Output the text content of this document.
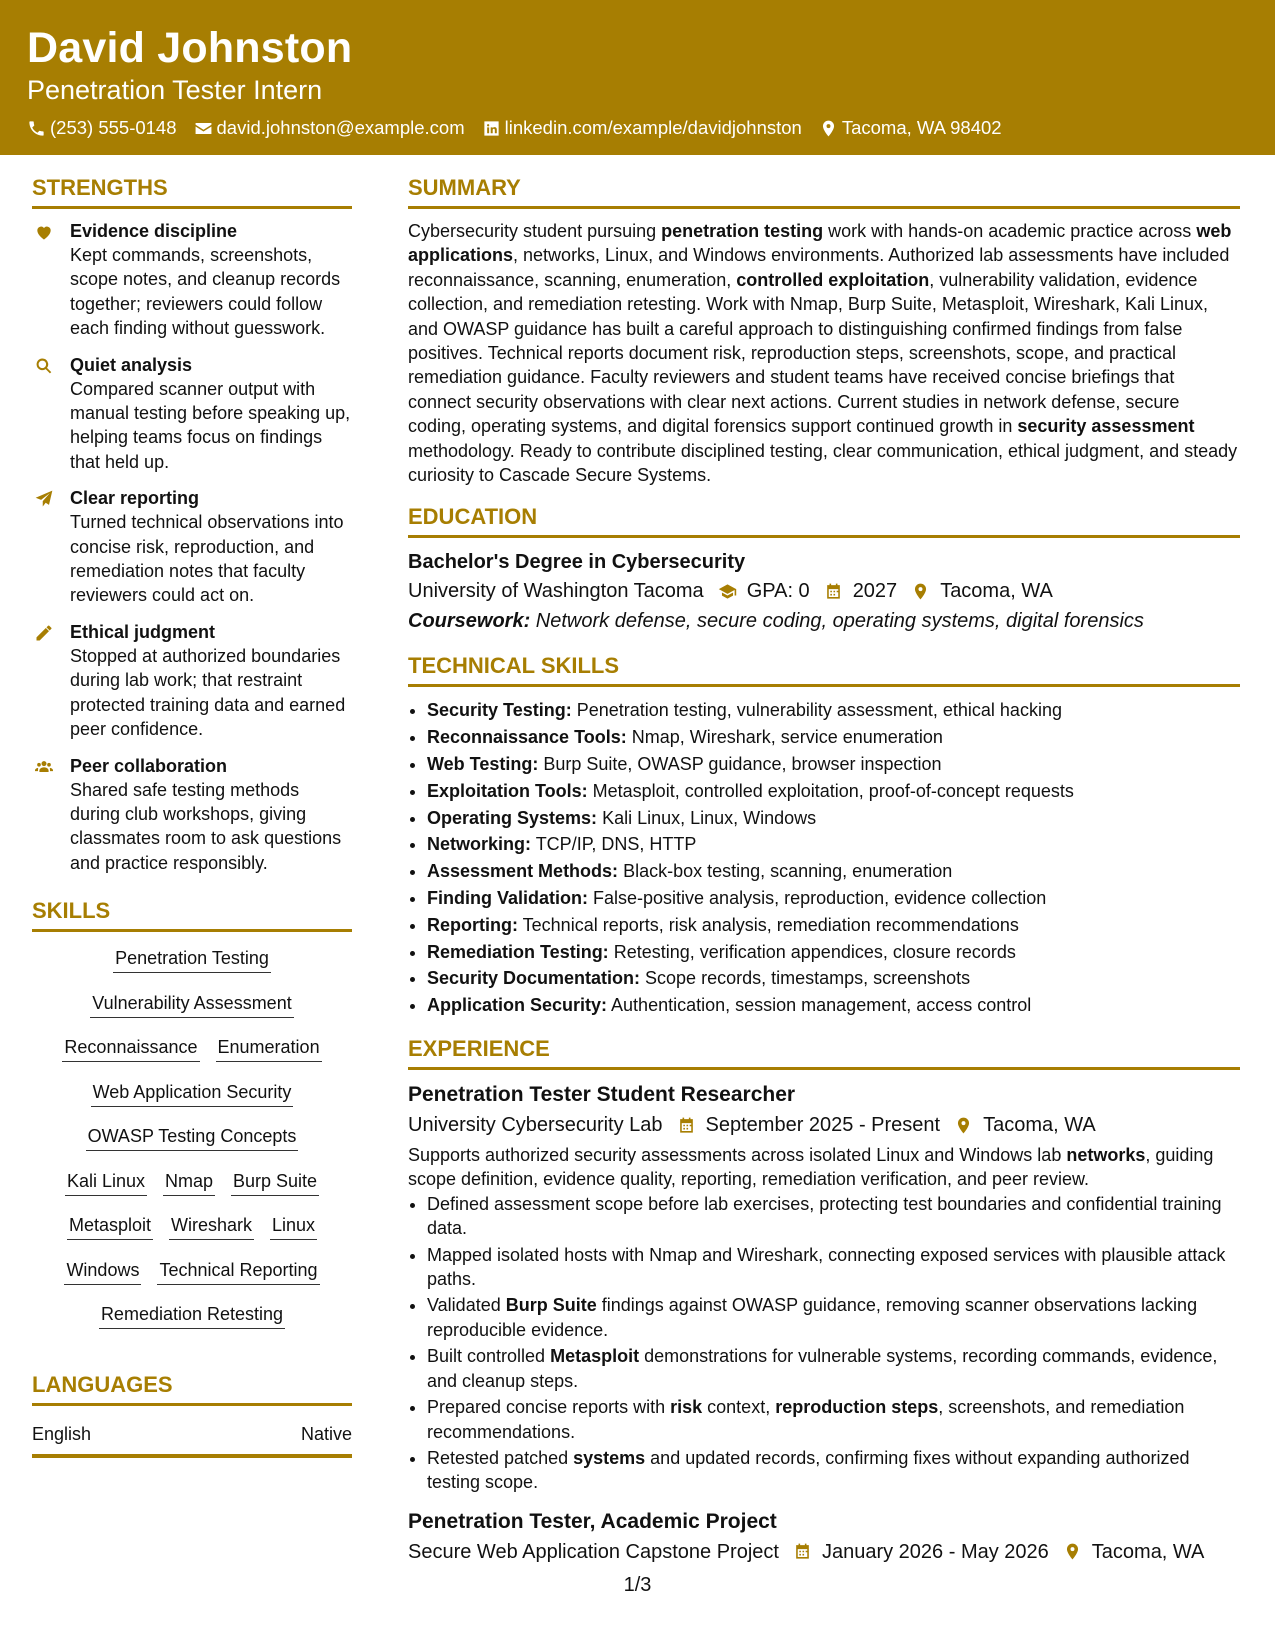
David Johnston
Penetration Tester Intern
(253) 555-0148 david.johnston@example.com linkedin.com/example/davidjohnston Tacoma, WA 98402
STRENGTHS
Evidence discipline
Kept commands, screenshots, scope notes, and cleanup records together; reviewers could follow each finding without guesswork.
Quiet analysis
Compared scanner output with manual testing before speaking up, helping teams focus on findings that held up.
Clear reporting
Turned technical observations into concise risk, reproduction, and remediation notes that faculty reviewers could act on.
Ethical judgment
Stopped at authorized boundaries during lab work; that restraint protected training data and earned peer confidence.
Peer collaboration
Shared safe testing methods during club workshops, giving classmates room to ask questions and practice responsibly.
SKILLS
Penetration Testing
Vulnerability Assessment
Reconnaissance Enumeration
Web Application Security
OWASP Testing Concepts
Kali Linux Nmap Burp Suite
Metasploit Wireshark Linux
Windows Technical Reporting
Remediation Retesting
LANGUAGES
English	Native
SUMMARY
Cybersecurity student pursuing penetration testing work with hands-on academic practice across web applications, networks, Linux, and Windows environments. Authorized lab assessments have included reconnaissance, scanning, enumeration, controlled exploitation, vulnerability validation, evidence collection, and remediation retesting. Work with Nmap, Burp Suite, Metasploit, Wireshark, Kali Linux, and OWASP guidance has built a careful approach to distinguishing confirmed findings from false positives. Technical reports document risk, reproduction steps, screenshots, scope, and practical remediation guidance. Faculty reviewers and student teams have received concise briefings that connect security observations with clear next actions. Current studies in network defense, secure coding, operating systems, and digital forensics support continued growth in security assessment methodology. Ready to contribute disciplined testing, clear communication, ethical judgment, and steady curiosity to Cascade Secure Systems.
EDUCATION
Bachelor's Degree in Cybersecurity
University of Washington Tacoma GPA: 0 2027 Tacoma, WA
Coursework: Network defense, secure coding, operating systems, digital forensics
TECHNICAL SKILLS
• Security Testing: Penetration testing, vulnerability assessment, ethical hacking
• Reconnaissance Tools: Nmap, Wireshark, service enumeration
• Web Testing: Burp Suite, OWASP guidance, browser inspection
• Exploitation Tools: Metasploit, controlled exploitation, proof-of-concept requests
• Operating Systems: Kali Linux, Linux, Windows
• Networking: TCP/IP, DNS, HTTP
• Assessment Methods: Black-box testing, scanning, enumeration
• Finding Validation: False-positive analysis, reproduction, evidence collection
• Reporting: Technical reports, risk analysis, remediation recommendations
• Remediation Testing: Retesting, verification appendices, closure records
• Security Documentation: Scope records, timestamps, screenshots
• Application Security: Authentication, session management, access control
EXPERIENCE
Penetration Tester Student Researcher
University Cybersecurity Lab September 2025 - Present Tacoma, WA
Supports authorized security assessments across isolated Linux and Windows lab networks, guiding scope definition, evidence quality, reporting, remediation verification, and peer review.
• Defined assessment scope before lab exercises, protecting test boundaries and confidential training data.
• Mapped isolated hosts with Nmap and Wireshark, connecting exposed services with plausible attack paths.
• Validated Burp Suite findings against OWASP guidance, removing scanner observations lacking reproducible evidence.
• Built controlled Metasploit demonstrations for vulnerable systems, recording commands, evidence, and cleanup steps.
• Prepared concise reports with risk context, reproduction steps, screenshots, and remediation recommendations.
• Retested patched systems and updated records, confirming fixes without expanding authorized testing scope.
Penetration Tester, Academic Project
Secure Web Application Capstone Project January 2026 - May 2026 Tacoma, WA
1/3
